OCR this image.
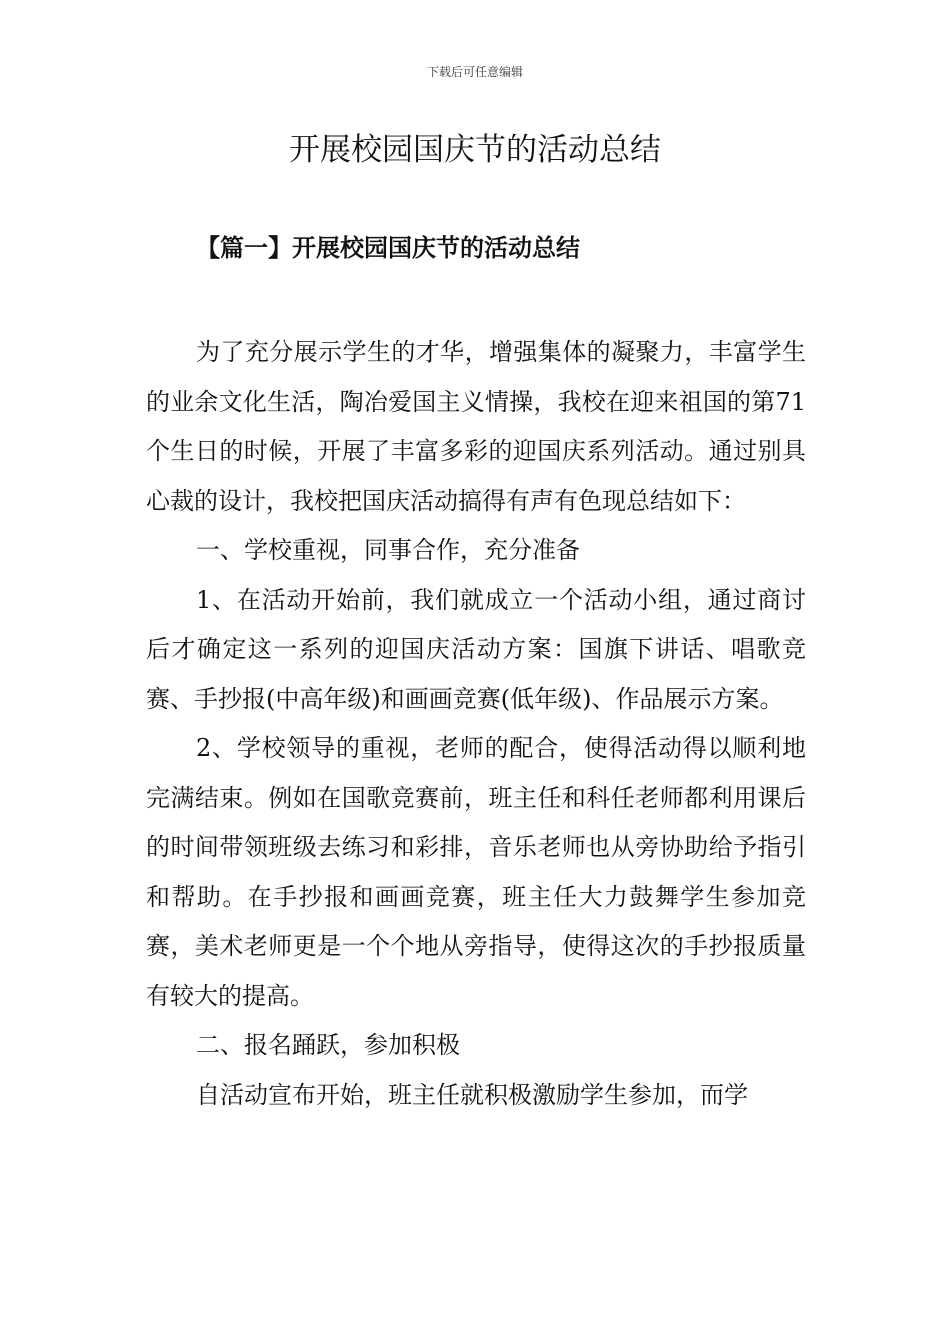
下载后可任意编辑
开展校园国庆节的活动总结
【篇一】开展校园国庆节的活动总结

为了充分展示学生的才华，增强集体的凝聚力，丰富学生的业余文化生活，陶冶爱国主义情操，我校在迎来祖国的第71个生日的时候，开展了丰富多彩的迎国庆系列活动。通过别具心裁的设计，我校把国庆活动搞得有声有色现总结如下：

一、学校重视，同事合作，充分准备

1、在活动开始前，我们就成立一个活动小组，通过商讨后才确定这一系列的迎国庆活动方案：国旗下讲话、唱歌竞赛、手抄报(中高年级)和画画竞赛(低年级)、作品展示方案。

2、学校领导的重视，老师的配合，使得活动得以顺利地完满结束。例如在国歌竞赛前，班主任和科任老师都利用课后的时间带领班级去练习和彩排，音乐老师也从旁协助给予指引和帮助。在手抄报和画画竞赛，班主任大力鼓舞学生参加竞赛，美术老师更是一个个地从旁指导，使得这次的手抄报质量有较大的提高。

二、报名踊跃，参加积极

自活动宣布开始，班主任就积极激励学生参加，而学
